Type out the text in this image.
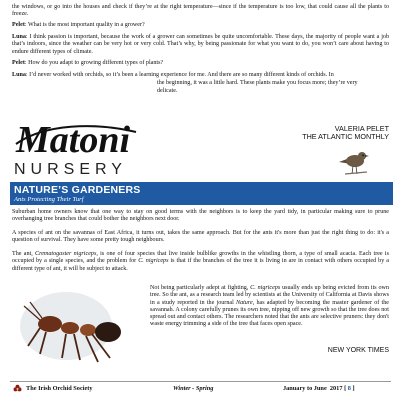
the windows, or go into the houses and check if they’re at the right temperature—since if the temperature is too low, that could cause all the plants to freeze.

Pelet: What is the most important quality in a grower?

Luna: I think passion is important, because the work of a grower can sometimes be quite uncomfortable. These days, the majority of people want a job that’s indoors, since the weather can be very hot or very cold. That’s why, by being passionate for what you want to do, you won’t care about having to endure different types of climate.

Pelet: How do you adapt to growing different types of plants?

Luna: I’d never worked with orchids, so it’s been a learning experience for me. And there are so many different kinds of orchids. In

the beginning, it was a little hard. These plants make you focus more; they’re very

delicate.

Matoni

NURSERY

VALERIA PELET
THE ATLANTIC MONTHLY

NATURE’S GARDENERS

Ants Protecting Their Turf

Suburban home owners know that one way to stay on good terms with the neighbors is to keep the yard tidy, in particular making sure to prune overhanging tree branches that could bother the neighbors next door.

A species of ant on the savannas of East Africa, it turns out, takes the same approach. But for the ants it's more than just the right thing to do: it's a question of survival. They have some pretty tough neighbours.

The ant, Crematogaster nigriceps, is one of four species that live inside bulblike growths in the whistling thorn, a type of small acacia. Each tree is occupied by a single species, and the problem for C. nigriceps is that if the branches of the tree it is living in are in contact with others occupied by a different type of ant, it will be subject to attack.

Not being particularly adept at fighting, C. nigriceps usually ends up being evicted from its own tree. So the ant, as a research team led by scientists at the University of California at Davis shows in a study reported in the journal Nature, has adapted by becoming the master gardener of the savannah. A colony carefully prunes its own tree, nipping off new growth so that the tree does not spread out and contact others. The researchers noted that the ants are selective pruners: they don't waste energy trimming a side of the tree that faces open space.

NEW YORK TIMES

The Irish Orchid Society	Winter - Spring	January to June  2017 [ 8 ]
